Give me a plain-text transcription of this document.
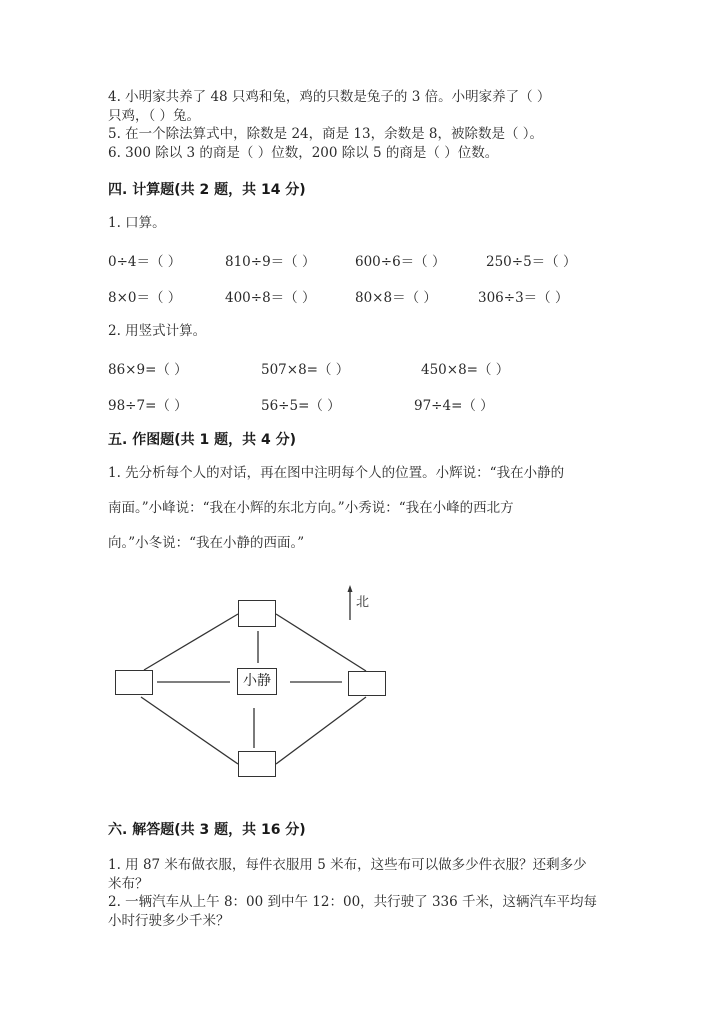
4. 小明家共养了 48 只鸡和兔，鸡的只数是兔子的 3 倍。小明家养了（ ）
只鸡，（ ）兔。
5. 在一个除法算式中，除数是 24，商是 13，余数是 8，被除数是（ ）。
6. 300 除以 3 的商是（ ）位数，200 除以 5 的商是（ ）位数。
四. 计算题(共 2 题，共 14 分)
1. 口算。
0÷4＝（ ）	810÷9＝（ ）	600÷6＝（ ）	250÷5＝（ ）
8×0＝（ ）	400÷8＝（ ）	80×8＝（ ）	306÷3＝（ ）
2. 用竖式计算。
86×9=（ ）	507×8=（ ）	450×8=（ ）
98÷7=（ ）	56÷5=（ ）	97÷4=（ ）
五. 作图题(共 1 题，共 4 分)
1. 先分析每个人的对话，再在图中注明每个人的位置。小辉说：“我在小静的
南面。”小峰说：“我在小辉的东北方向。”小秀说：“我在小峰的西北方
向。”小冬说：“我在小静的西面。”
北
小静
六. 解答题(共 3 题，共 16 分)
1. 用 87 米布做衣服，每件衣服用 5 米布，这些布可以做多少件衣服？还剩多少
米布？
2. 一辆汽车从上午 8：00 到中午 12：00，共行驶了 336 千米，这辆汽车平均每
小时行驶多少千米？
